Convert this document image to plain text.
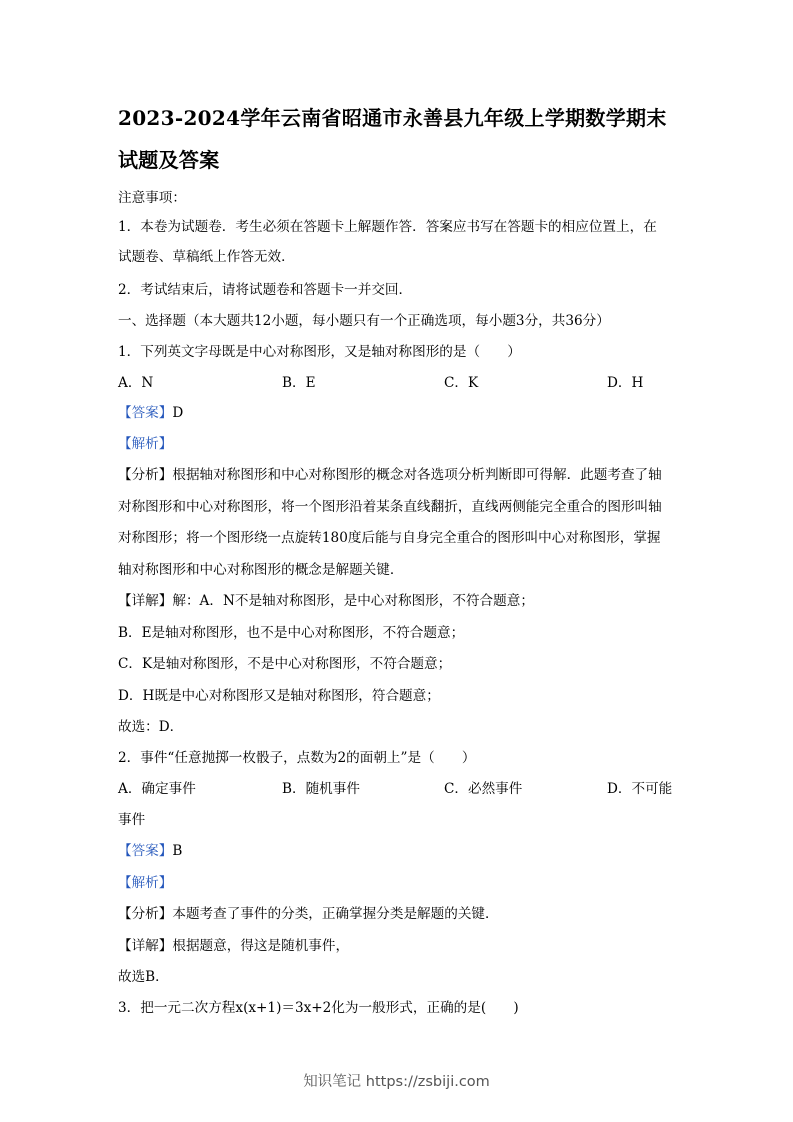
2023-2024学年云南省昭通市永善县九年级上学期数学期末
试题及答案
注意事项：
1．本卷为试题卷．考生必须在答题卡上解题作答．答案应书写在答题卡的相应位置上，在
试题卷、草稿纸上作答无效．
2．考试结束后，请将试题卷和答题卡一并交回．
一、选择题（本大题共12小题，每小题只有一个正确选项，每小题3分，共36分）
1．下列英文字母既是中心对称图形，又是轴对称图形的是（　　）
A．N	B．E	C．K	D．H
【答案】D
【解析】
【分析】根据轴对称图形和中心对称图形的概念对各选项分析判断即可得解．此题考查了轴
对称图形和中心对称图形，将一个图形沿着某条直线翻折，直线两侧能完全重合的图形叫轴
对称图形；将一个图形绕一点旋转180度后能与自身完全重合的图形叫中心对称图形，掌握
轴对称图形和中心对称图形的概念是解题关键．
【详解】解：A．N不是轴对称图形，是中心对称图形，不符合题意；
B．E是轴对称图形，也不是中心对称图形，不符合题意；
C．K是轴对称图形，不是中心对称图形，不符合题意；
D．H既是中心对称图形又是轴对称图形，符合题意；
故选：D．
2．事件“任意抛掷一枚骰子，点数为2的面朝上”是（　　）
A．确定事件	B．随机事件	C．必然事件	D．不可能
事件
【答案】B
【解析】
【分析】本题考查了事件的分类，正确掌握分类是解题的关键．
【详解】根据题意，得这是随机事件，
故选B．
3．把一元二次方程x(x+1)＝3x+2化为一般形式，正确的是(　　)
知识笔记 https://zsbiji.com
